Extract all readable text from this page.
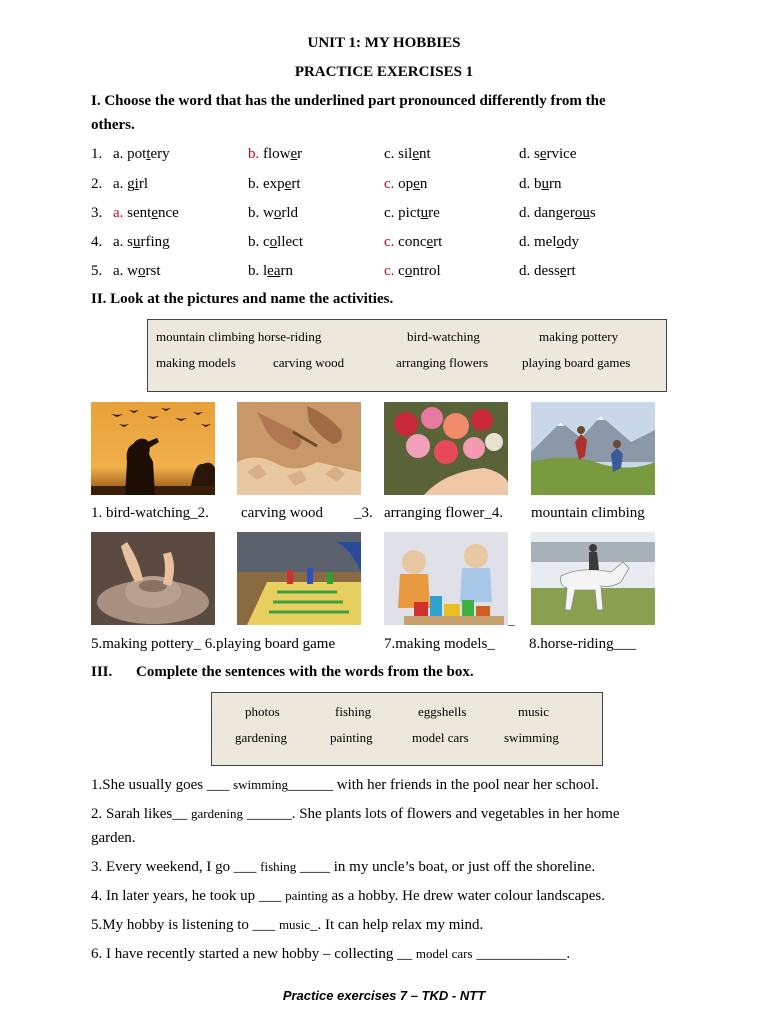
UNIT 1: MY HOBBIES
PRACTICE EXERCISES 1
I. Choose the word that has the underlined part pronounced differently from the
others.
1. a. pottery	b. flower	c. silent	d. service
2. a. girl	b. expert	c. open	d. burn
3. a. sentence	b. world	c. picture	d. dangerous
4. a. surfing	b. collect	c. concert	d. melody
5. a. worst	b. learn	c. control	d. dessert
II. Look at the pictures and name the activities.
mountain climbing horse-riding	bird-watching	making pottery
making models	carving wood	arranging flowers	playing board games
1. bird-watching_2. carving wood _3. arranging flower_4. mountain climbing
_
5.making pottery_ 6.playing board game	7.making models_ 8.horse-riding___
III. Complete the sentences with the words from the box.
photos	fishing	eggshells	music
gardening	painting	model cars	swimming
1.She usually goes ___ swimming______ with her friends in the pool near her school.
2. Sarah likes__ gardening ______. She plants lots of flowers and vegetables in her home
3. Every weekend, I go ___ fishing ____ in my uncle’s boat, or just off the shoreline.
4. In later years, he took up ___ painting as a hobby. He drew water colour landscapes.
5.My hobby is listening to ___ music_. It can help relax my mind.
6. I have recently started a new hobby – collecting __ model cars ____________.
garden.
Practice exercises 7 – TKD - NTT
